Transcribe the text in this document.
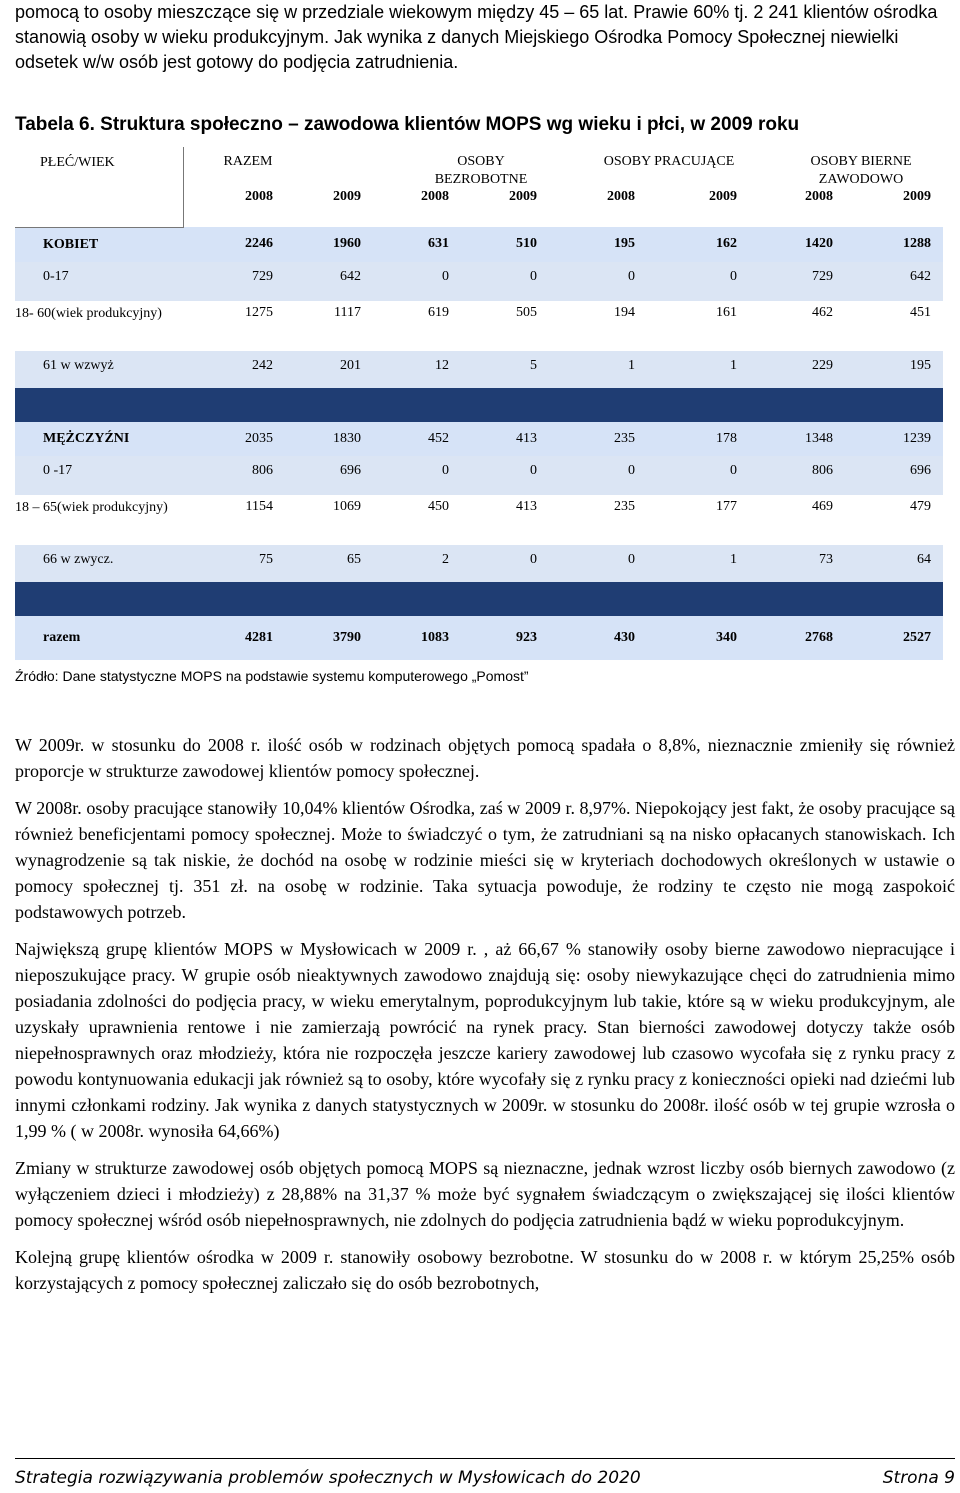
pomocą to osoby mieszczące się w przedziale wiekowym między 45 – 65 lat. Prawie 60% tj. 2 241 klientów ośrodka stanowią osoby w wieku produkcyjnym. Jak wynika z danych Miejskiego Ośrodka Pomocy Społecznej niewielki odsetek w/w osób jest gotowy do podjęcia zatrudnienia.
Tabela 6. Struktura społeczno – zawodowa klientów MOPS wg wieku i płci, w 2009 roku
PŁEĆ/WIEK	RAZEM		OSOBY BEZROBOTNE		OSOBY PRACUJĄCE		OSOBY BIERNE ZAWODOWO	
	2008	2009	2008	2009	2008	2009	2008	2009
KOBIET	2246	1960	631	510	195	162	1420	1288
0-17	729	642	0	0	0	0	729	642
18- 60(wiek produkcyjny)	1275	1117	619	505	194	161	462	451
61 w wzwyż	242	201	12	5	1	1	229	195

MĘŻCZYŹNI	2035	1830	452	413	235	178	1348	1239
0 -17	806	696	0	0	0	0	806	696
18 – 65(wiek produkcyjny)	1154	1069	450	413	235	177	469	479
66 w zwycz.	75	65	2	0	0	1	73	64

razem	4281	3790	1083	923	430	340	2768	2527
Źródło: Dane statystyczne MOPS na podstawie systemu komputerowego „Pomost”

W 2009r. w stosunku do 2008 r. ilość osób w rodzinach objętych pomocą spadała o 8,8%, nieznacznie zmieniły się również proporcje w strukturze zawodowej klientów pomocy społecznej.

W 2008r. osoby pracujące stanowiły 10,04% klientów Ośrodka, zaś w 2009 r. 8,97%. Niepokojący jest fakt, że osoby pracujące są również beneficjentami pomocy społecznej. Może to świadczyć o tym, że zatrudniani są na nisko opłacanych stanowiskach. Ich wynagrodzenie są tak niskie, że dochód na osobę w rodzinie mieści się w kryteriach dochodowych określonych w ustawie o pomocy społecznej tj. 351 zł. na osobę w rodzinie. Taka sytuacja powoduje, że rodziny te często nie mogą zaspokoić podstawowych potrzeb.

Największą grupę klientów MOPS w Mysłowicach w 2009 r. , aż 66,67 % stanowiły osoby bierne zawodowo niepracujące i nieposzukujące pracy. W grupie osób nieaktywnych zawodowo znajdują się: osoby niewykazujące chęci do zatrudnienia mimo posiadania zdolności do podjęcia pracy, w wieku emerytalnym, poprodukcyjnym lub takie, które są w wieku produkcyjnym, ale uzyskały uprawnienia rentowe i nie zamierzają powrócić na rynek pracy. Stan bierności zawodowej dotyczy także osób niepełnosprawnych oraz młodzieży, która nie rozpoczęła jeszcze kariery zawodowej lub czasowo wycofała się z rynku pracy z powodu kontynuowania edukacji jak również są to osoby, które wycofały się z rynku pracy z konieczności opieki nad dziećmi lub innymi członkami rodziny. Jak wynika z danych statystycznych w 2009r. w stosunku do 2008r. ilość osób w tej grupie wzrosła o 1,99 % ( w 2008r. wynosiła 64,66%)

Zmiany w strukturze zawodowej osób objętych pomocą MOPS są nieznaczne, jednak wzrost liczby osób biernych zawodowo (z wyłączeniem dzieci i młodzieży) z 28,88% na 31,37 % może być sygnałem świadczącym o zwiększającej się ilości klientów pomocy społecznej wśród osób niepełnosprawnych, nie zdolnych do podjęcia zatrudnienia bądź w wieku poprodukcyjnym.

Kolejną grupę klientów ośrodka w 2009 r. stanowiły osobowy bezrobotne. W stosunku do w 2008 r. w którym 25,25% osób korzystających z pomocy społecznej zaliczało się do osób bezrobotnych,

Strategia rozwiązywania problemów społecznych w Mysłowicach do 2020	Strona 9
